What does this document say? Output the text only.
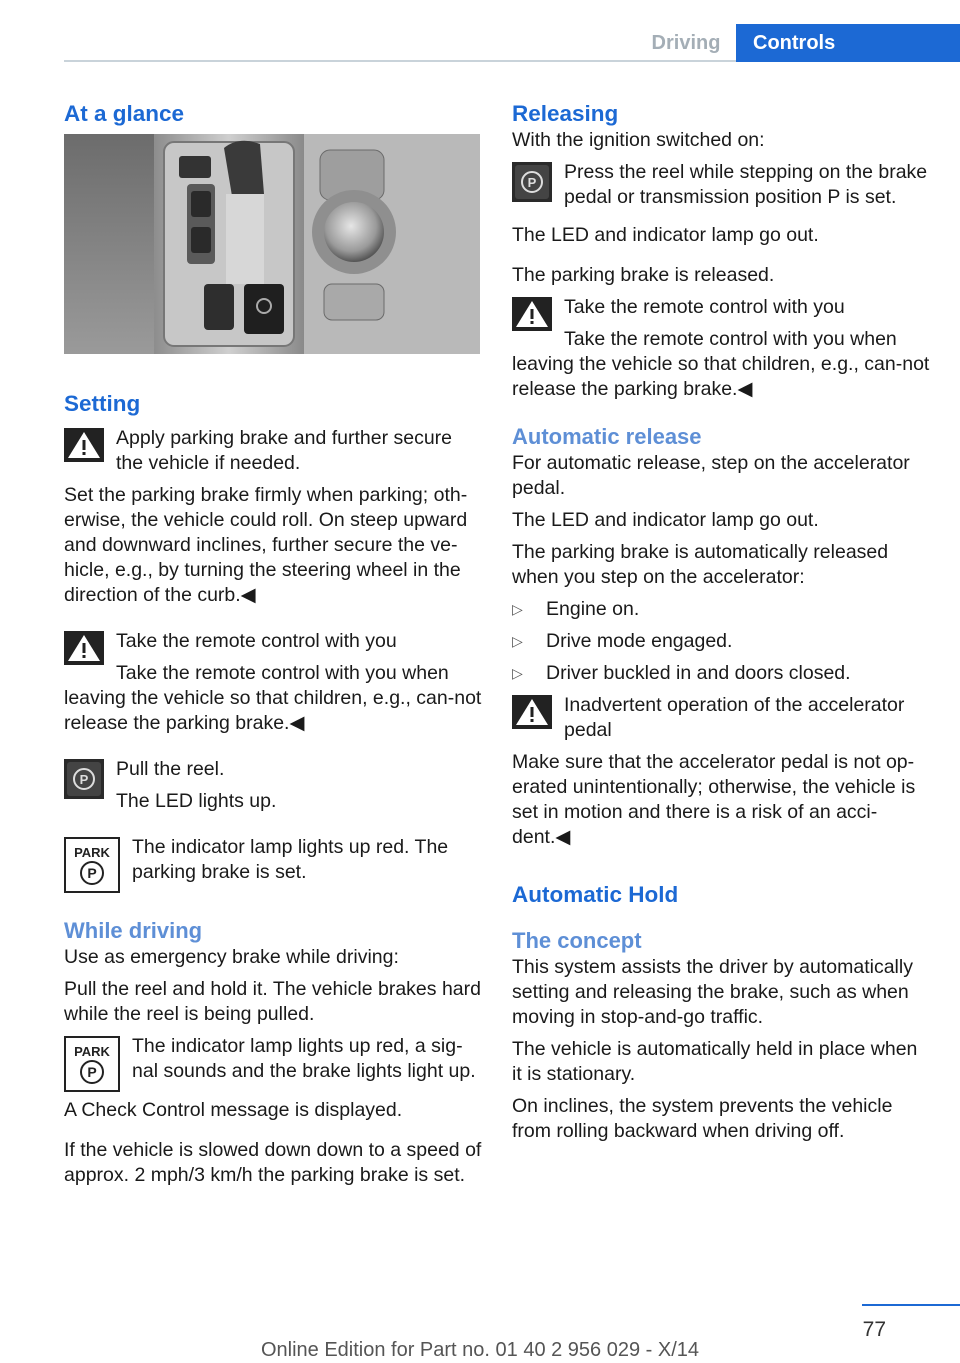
Driving	Controls
At a glance
Setting

Apply parking brake and further secure the vehicle if needed.

Set the parking brake firmly when parking; oth-erwise, the vehicle could roll. On steep upward and downward inclines, further secure the ve-hicle, e.g., by turning the steering wheel in the direction of the curb.◀

Take the remote control with you

Take the remote control with you when leaving the vehicle so that children, e.g., can-not release the parking brake.◀

P	Pull the reel.

The LED lights up.

PARK
P

The indicator lamp lights up red. The parking brake is set.

While driving

Use as emergency brake while driving:

Pull the reel and hold it. The vehicle brakes hard while the reel is being pulled.

PARK
P

The indicator lamp lights up red, a sig-nal sounds and the brake lights light up.

A Check Control message is displayed.

If the vehicle is slowed down down to a speed of approx. 2 mph/3 km/h the parking brake is set.

Releasing

With the ignition switched on:

P	Press the reel while stepping on the brake pedal or transmission position P is set.

The LED and indicator lamp go out.

The parking brake is released.

Take the remote control with you

Take the remote control with you when leaving the vehicle so that children, e.g., can-not release the parking brake.◀

Automatic release

For automatic release, step on the accelerator pedal.

The LED and indicator lamp go out.

The parking brake is automatically released when you step on the accelerator:

▷ Engine on.
▷ Drive mode engaged.
▷ Driver buckled in and doors closed.

Inadvertent operation of the accelerator pedal

Make sure that the accelerator pedal is not op-erated unintentionally; otherwise, the vehicle is set in motion and there is a risk of an acci-dent.◀

Automatic Hold
The concept

This system assists the driver by automatically setting and releasing the brake, such as when moving in stop-and-go traffic.

The vehicle is automatically held in place when it is stationary.

On inclines, the system prevents the vehicle from rolling backward when driving off.

77
Online Edition for Part no. 01 40 2 956 029 - X/14
